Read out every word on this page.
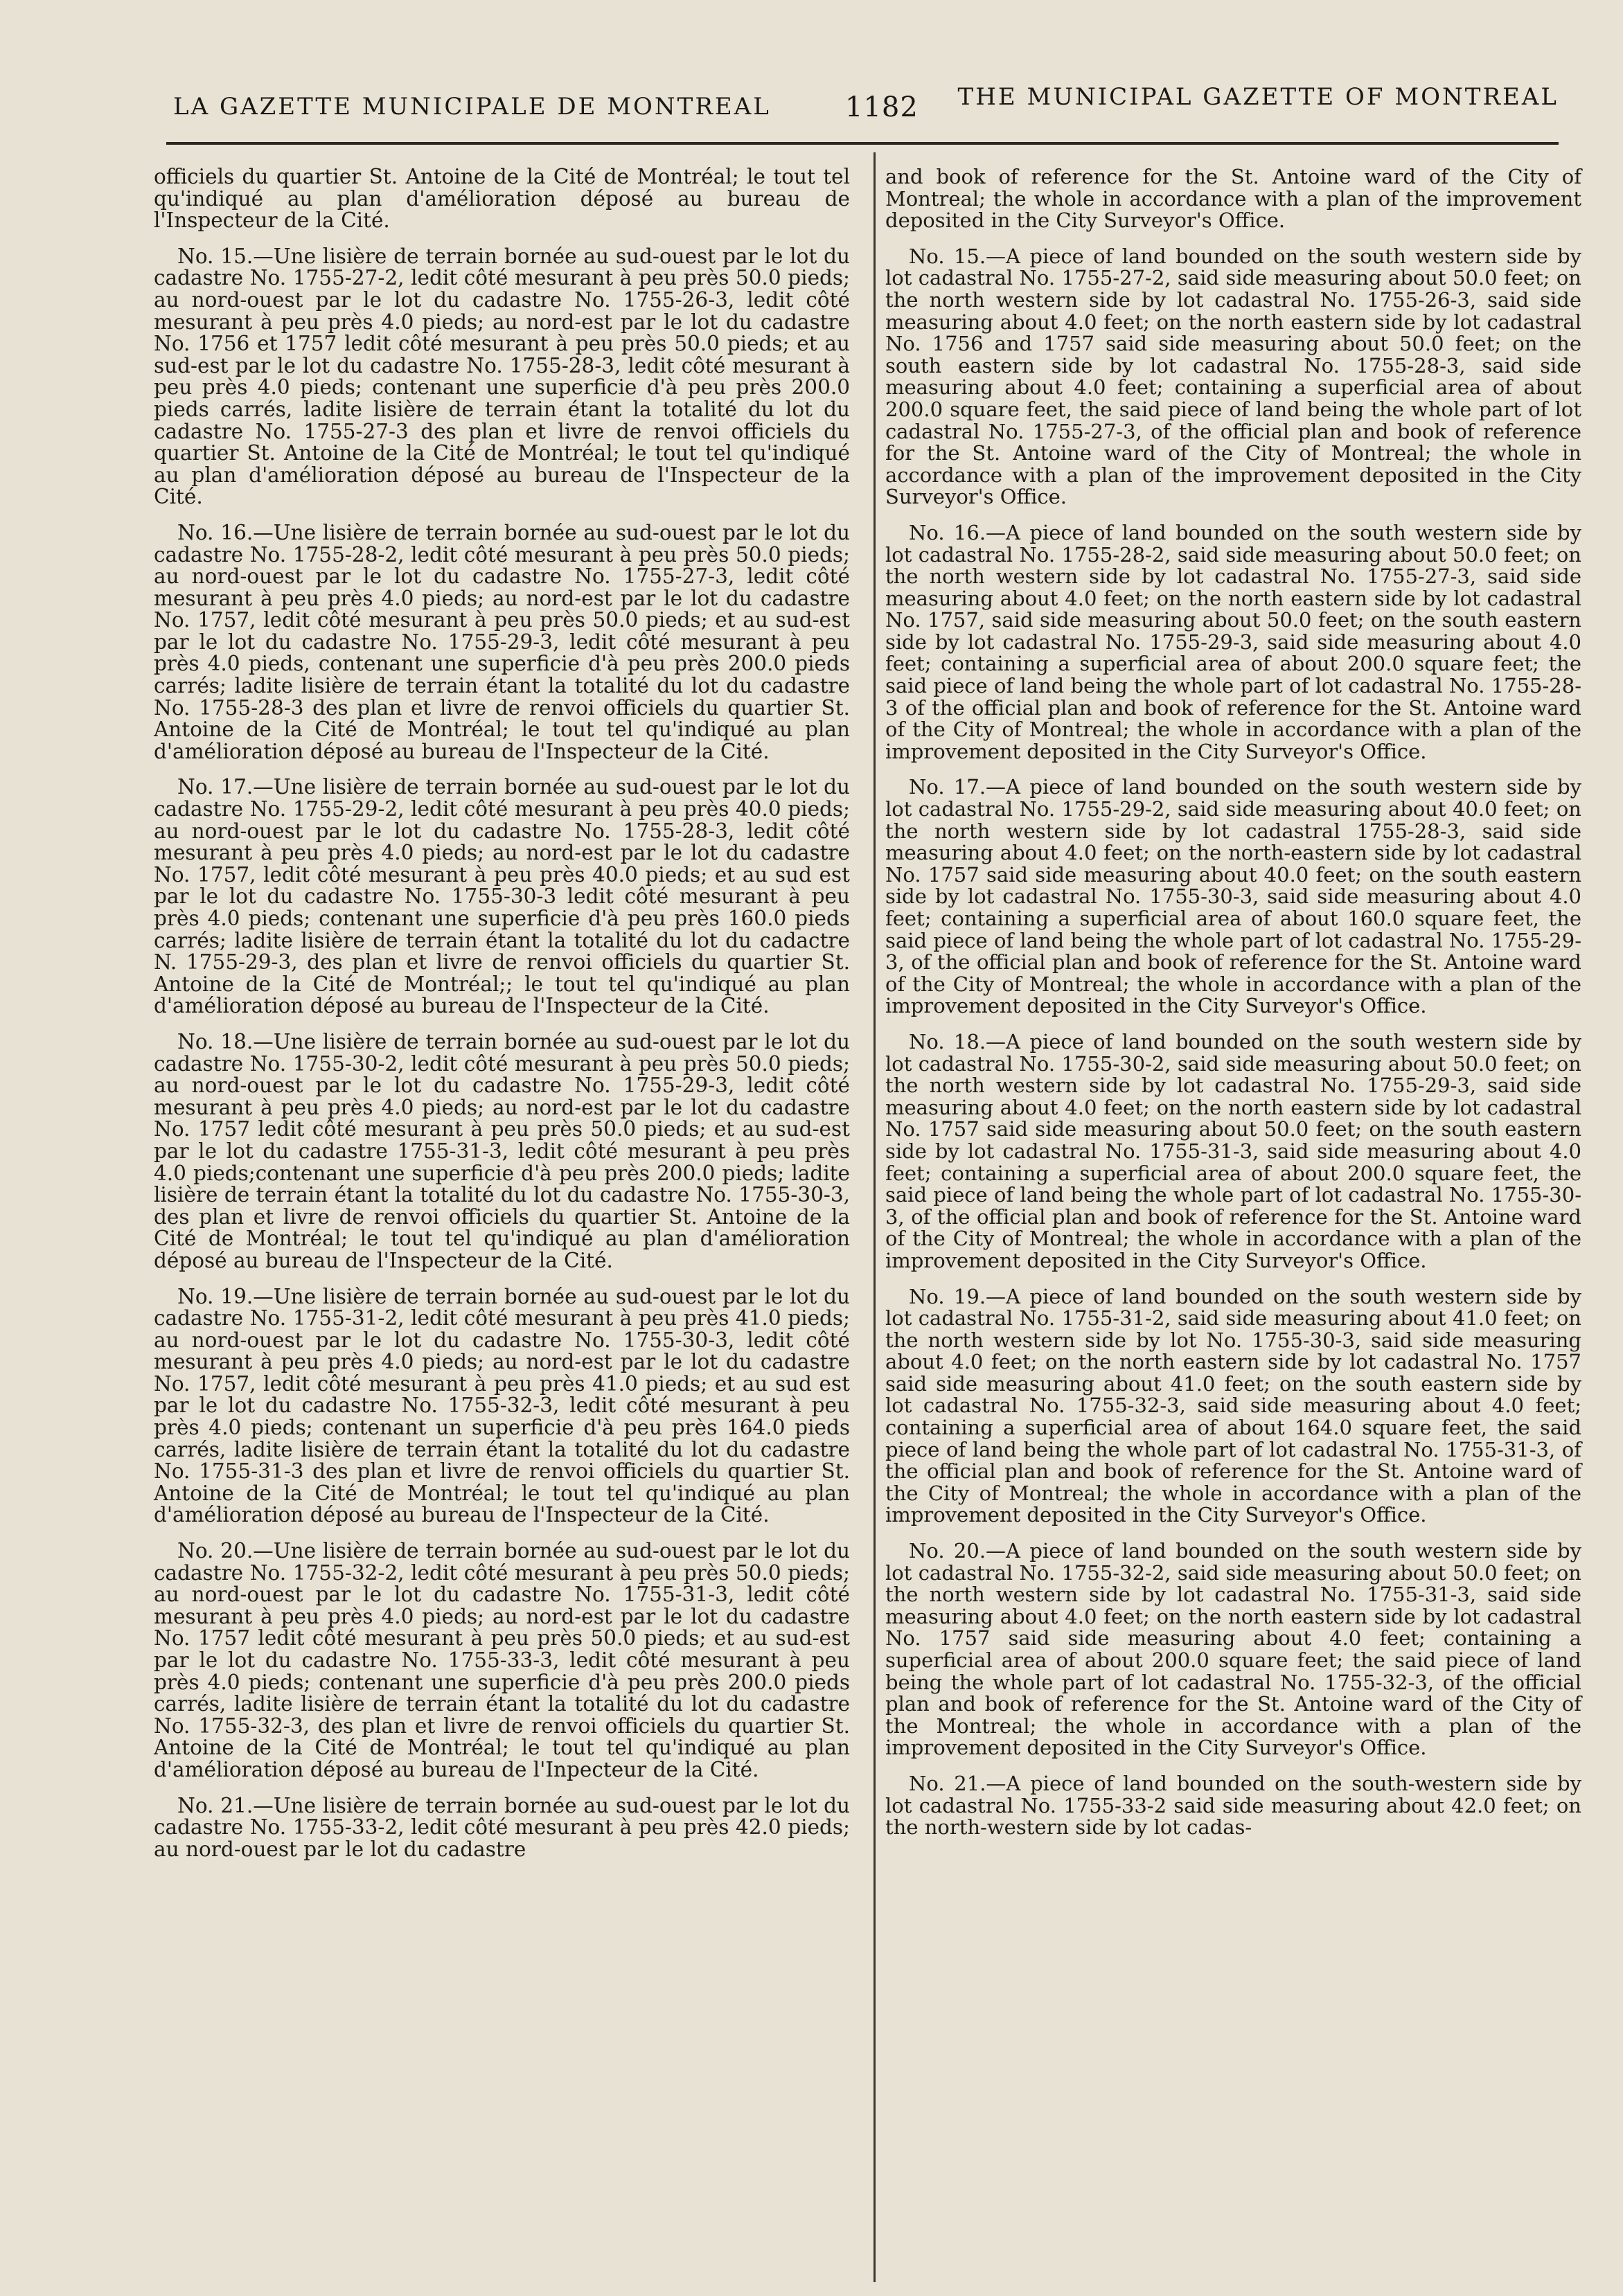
LA GAZETTE MUNICIPALE DE MONTREAL	1182 THE MUNICIPAL GAZETTE OF MONTREAL

officiels du quartier St. Antoine de la Cité de Montréal; le tout tel qu'indiqué au plan d'amélioration déposé au bureau de l'Inspecteur de la Cité.

No. 15.—Une lisière de terrain bornée au sud-ouest par le lot du cadastre No. 1755-27-2, ledit côté mesurant à peu près 50.0 pieds; au nord-ouest par le lot du cadastre No. 1755-26-3, ledit côté mesurant à peu près 4.0 pieds; au nord-est par le lot du cadastre No. 1756 et 1757 ledit côté mesurant à peu près 50.0 pieds; et au sud-est par le lot du cadastre No. 1755-28-3, ledit côté mesurant à peu près 4.0 pieds; contenant une superficie d'à peu près 200.0 pieds carrés, ladite lisière de terrain étant la totalité du lot du cadastre No. 1755-27-3 des plan et livre de renvoi officiels du quartier St. Antoine de la Cité de Montréal; le tout tel qu'indiqué au plan d'amélioration déposé au bureau de l'Inspecteur de la Cité.

No. 16.—Une lisière de terrain bornée au sud-ouest par le lot du cadastre No. 1755-28-2, ledit côté mesurant à peu près 50.0 pieds; au nord-ouest par le lot du cadastre No. 1755-27-3, ledit côté mesurant à peu près 4.0 pieds; au nord-est par le lot du cadastre No. 1757, ledit côté mesurant à peu près 50.0 pieds; et au sud-est par le lot du cadastre No. 1755-29-3, ledit côté mesurant à peu près 4.0 pieds, contenant une superficie d'à peu près 200.0 pieds carrés; ladite lisière de terrain étant la totalité du lot du cadastre No. 1755-28-3 des plan et livre de renvoi officiels du quartier St. Antoine de la Cité de Montréal; le tout tel qu'indiqué au plan d'amélioration déposé au bureau de l'Inspecteur de la Cité.

No. 17.—Une lisière de terrain bornée au sud-ouest par le lot du cadastre No. 1755-29-2, ledit côté mesurant à peu près 40.0 pieds; au nord-ouest par le lot du cadastre No. 1755-28-3, ledit côté mesurant à peu près 4.0 pieds; au nord-est par le lot du cadastre No. 1757, ledit côté mesurant à peu près 40.0 pieds; et au sud est par le lot du cadastre No. 1755-30-3 ledit côté mesurant à peu près 4.0 pieds; contenant une superficie d'à peu près 160.0 pieds carrés; ladite lisière de terrain étant la totalité du lot du cadactre N. 1755-29-3, des plan et livre de renvoi officiels du quartier St. Antoine de la Cité de Montréal;; le tout tel qu'indiqué au plan d'amélioration déposé au bureau de l'Inspecteur de la Cité.

No. 18.—Une lisière de terrain bornée au sud-ouest par le lot du cadastre No. 1755-30-2, ledit côté mesurant à peu près 50.0 pieds; au nord-ouest par le lot du cadastre No. 1755-29-3, ledit côté mesurant à peu près 4.0 pieds; au nord-est par le lot du cadastre No. 1757 ledit côté mesurant à peu près 50.0 pieds; et au sud-est par le lot du cadastre 1755-31-3, ledit côté mesurant à peu près 4.0 pieds;contenant une superficie d'à peu près 200.0 pieds; ladite lisière de terrain étant la totalité du lot du cadastre No. 1755-30-3, des plan et livre de renvoi officiels du quartier St. Antoine de la Cité de Montréal; le tout tel qu'indiqué au plan d'amélioration déposé au bureau de l'Inspecteur de la Cité.

No. 19.—Une lisière de terrain bornée au sud-ouest par le lot du cadastre No. 1755-31-2, ledit côté mesurant à peu près 41.0 pieds; au nord-ouest par le lot du cadastre No. 1755-30-3, ledit côté mesurant à peu près 4.0 pieds; au nord-est par le lot du cadastre No. 1757, ledit côté mesurant à peu près 41.0 pieds; et au sud est par le lot du cadastre No. 1755-32-3, ledit côté mesurant à peu près 4.0 pieds; contenant un superficie d'à peu près 164.0 pieds carrés, ladite lisière de terrain étant la totalité du lot du cadastre No. 1755-31-3 des plan et livre de renvoi officiels du quartier St. Antoine de la Cité de Montréal; le tout tel qu'indiqué au plan d'amélioration déposé au bureau de l'Inspecteur de la Cité.

No. 20.—Une lisière de terrain bornée au sud-ouest par le lot du cadastre No. 1755-32-2, ledit côté mesurant à peu près 50.0 pieds; au nord-ouest par le lot du cadastre No. 1755-31-3, ledit côté mesurant à peu près 4.0 pieds; au nord-est par le lot du cadastre No. 1757 ledit côté mesurant à peu près 50.0 pieds; et au sud-est par le lot du cadastre No. 1755-33-3, ledit côté mesurant à peu près 4.0 pieds; contenant une superficie d'à peu près 200.0 pieds carrés, ladite lisière de terrain étant la totalité du lot du cadastre No. 1755-32-3, des plan et livre de renvoi officiels du quartier St. Antoine de la Cité de Montréal; le tout tel qu'indiqué au plan d'amélioration déposé au bureau de l'Inpecteur de la Cité.

No. 21.—Une lisière de terrain bornée au sud-ouest par le lot du cadastre No. 1755-33-2, ledit côté mesurant à peu près 42.0 pieds; au nord-ouest par le lot du cadastre

and book of reference for the St. Antoine ward of the City of Montreal; the whole in accordance with a plan of the improvement deposited in the City Surveyor's Office.

No. 15.—A piece of land bounded on the south western side by lot cadastral No. 1755-27-2, said side measuring about 50.0 feet; on the north western side by lot cadastral No. 1755-26-3, said side measuring about 4.0 feet; on the north eastern side by lot cadastral No. 1756 and 1757 said side measuring about 50.0 feet; on the south eastern side by lot cadastral No. 1755-28-3, said side measuring about 4.0 feet; containing a superficial area of about 200.0 square feet, the said piece of land being the whole part of lot cadastral No. 1755-27-3, of the official plan and book of reference for the St. Antoine ward of the City of Montreal; the whole in accordance with a plan of the improvement deposited in the City Surveyor's Office.

No. 16.—A piece of land bounded on the south western side by lot cadastral No. 1755-28-2, said side measuring about 50.0 feet; on the north western side by lot cadastral No. 1755-27-3, said side measuring about 4.0 feet; on the north eastern side by lot cadastral No. 1757, said side measuring about 50.0 feet; on the south eastern side by lot cadastral No. 1755-29-3, said side measuring about 4.0 feet; containing a superficial area of about 200.0 square feet; the said piece of land being the whole part of lot cadastral No. 1755-28-3 of the official plan and book of reference for the St. Antoine ward of the City of Montreal; the whole in accordance with a plan of the improvement deposited in the City Surveyor's Office.

No. 17.—A piece of land bounded on the south western side by lot cadastral No. 1755-29-2, said side measuring about 40.0 feet; on the north western side by lot cadastral 1755-28-3, said side measuring about 4.0 feet; on the north-eastern side by lot cadastral No. 1757 said side measuring about 40.0 feet; on the south eastern side by lot cadastral No. 1755-30-3, said side measuring about 4.0 feet; containing a superficial area of about 160.0 square feet, the said piece of land being the whole part of lot cadastral No. 1755-29-3, of the official plan and book of reference for the St. Antoine ward of the City of Montreal; the whole in accordance with a plan of the improvement deposited in the City Surveyor's Office.

No. 18.—A piece of land bounded on the south western side by lot cadastral No. 1755-30-2, said side measuring about 50.0 feet; on the north western side by lot cadastral No. 1755-29-3, said side measuring about 4.0 feet; on the north eastern side by lot cadastral No. 1757 said side measuring about 50.0 feet; on the south eastern side by lot cadastral No. 1755-31-3, said side measuring about 4.0 feet; containing a superficial area of about 200.0 square feet, the said piece of land being the whole part of lot cadastral No. 1755-30-3, of the official plan and book of reference for the St. Antoine ward of the City of Montreal; the whole in accordance with a plan of the improvement deposited in the City Surveyor's Office.

No. 19.—A piece of land bounded on the south western side by lot cadastral No. 1755-31-2, said side measuring about 41.0 feet; on the north western side by lot No. 1755-30-3, said side measuring about 4.0 feet; on the north eastern side by lot cadastral No. 1757 said side measuring about 41.0 feet; on the south eastern side by lot cadastral No. 1755-32-3, said side measuring about 4.0 feet; containing a superficial area of about 164.0 square feet, the said piece of land being the whole part of lot cadastral No. 1755-31-3, of the official plan and book of reference for the St. Antoine ward of the City of Montreal; the whole in accordance with a plan of the improvement deposited in the City Surveyor's Office.

No. 20.—A piece of land bounded on the south western side by lot cadastral No. 1755-32-2, said side measuring about 50.0 feet; on the north western side by lot cadastral No. 1755-31-3, said side measuring about 4.0 feet; on the north eastern side by lot cadastral No. 1757 said side measuring about 4.0 feet; containing a superficial area of about 200.0 square feet; the said piece of land being the whole part of lot cadastral No. 1755-32-3, of the official plan and book of reference for the St. Antoine ward of the City of the Montreal; the whole in accordance with a plan of the improvement deposited in the City Surveyor's Office.

No. 21.—A piece of land bounded on the south-western side by lot cadastral No. 1755-33-2 said side measuring about 42.0 feet; on the north-western side by lot cadas-
